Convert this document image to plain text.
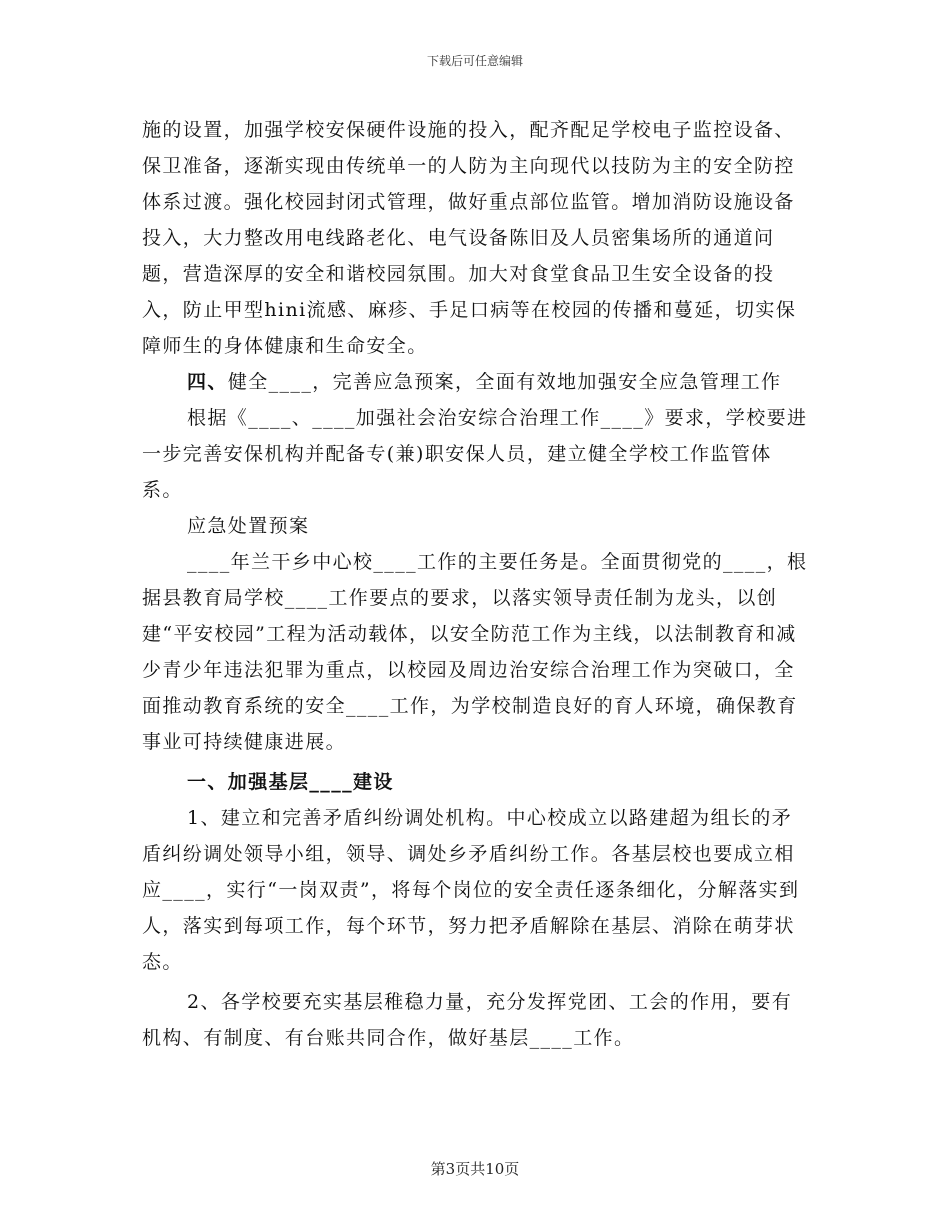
下载后可任意编辑

施的设置，加强学校安保硬件设施的投入，配齐配足学校电子监控设备、保卫准备，逐渐实现由传统单一的人防为主向现代以技防为主的安全防控体系过渡。强化校园封闭式管理，做好重点部位监管。增加消防设施设备投入，大力整改用电线路老化、电气设备陈旧及人员密集场所的通道问题，营造深厚的安全和谐校园氛围。加大对食堂食品卫生安全设备的投入，防止甲型hini流感、麻疹、手足口病等在校园的传播和蔓延，切实保障师生的身体健康和生命安全。

四、健全____，完善应急预案，全面有效地加强安全应急管理工作

根据《____、____加强社会治安综合治理工作____》要求，学校要进一步完善安保机构并配备专(兼)职安保人员，建立健全学校工作监管体系。

应急处置预案

____年兰干乡中心校____工作的主要任务是。全面贯彻党的____，根据县教育局学校____工作要点的要求，以落实领导责任制为龙头，以创建“平安校园”工程为活动载体，以安全防范工作为主线，以法制教育和减少青少年违法犯罪为重点，以校园及周边治安综合治理工作为突破口，全面推动教育系统的安全____工作，为学校制造良好的育人环境，确保教育事业可持续健康进展。

一、加强基层____建设

1、建立和完善矛盾纠纷调处机构。中心校成立以路建超为组长的矛盾纠纷调处领导小组，领导、调处乡矛盾纠纷工作。各基层校也要成立相应____，实行“一岗双责”，将每个岗位的安全责任逐条细化，分解落实到人，落实到每项工作，每个环节，努力把矛盾解除在基层、消除在萌芽状态。

2、各学校要充实基层稚稳力量，充分发挥党团、工会的作用，要有机构、有制度、有台账共同合作，做好基层____工作。

第3页共10页
